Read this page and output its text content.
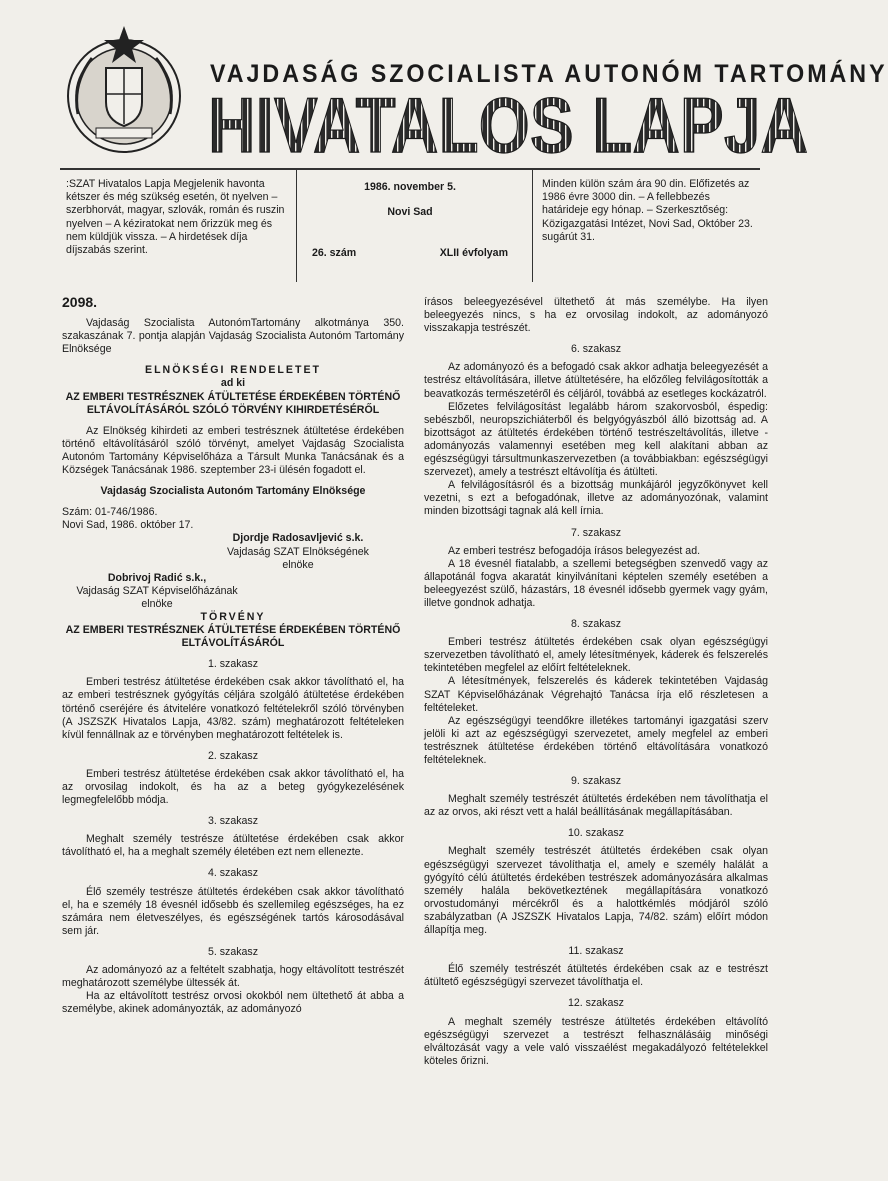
VAJDASÁG SZOCIALISTA AUTONÓM TARTOMÁNY
HIVATALOS LAPJA
:SZAT Hivatalos Lapja Megjelenik havonta kétszer és még szükség esetén, öt nyelven – szerbhorvát, magyar, szlovák, román és ruszin nyelven – A kéziratokat nem őrizzük meg és nem küldjük vissza. – A hirdetések díja díjszabás szerint.
1986. november 5.
Novi Sad
26. szám	XLII évfolyam
Minden külön szám ára 90 din. Előfizetés az 1986 évre 3000 din. – A fellebbezés határideje egy hónap. – Szerkesztőség: Közigazgatási Intézet, Novi Sad, Október 23. sugárút 31.

2098.

Vajdaság Szocialista AutonómTartomány alkotmánya 350. szakaszának 7. pontja alapján Vajdaság Szocialista Autonóm Tartomány Elnöksége

ELNÖKSÉGI RENDELETET

ad ki

AZ EMBERI TESTRÉSZNEK ÁTÜLTETÉSE ÉRDEKÉBEN TÖRTÉNŐ ELTÁVOLÍTÁSÁRÓL SZÓLÓ TÖRVÉNY KIHIRDETÉSÉRŐL

Az Elnökség kihirdeti az emberi testrésznek átültetése érdekében történő eltávolításáról szóló törvényt, amelyet Vajdaság Szocialista Autonóm Tartomány Képviselőháza a Társult Munka Tanácsának és a Községek Tanácsának 1986. szeptember 23-i ülésén fogadott el.

Vajdaság Szocialista Autonóm Tartomány Elnöksége

Szám: 01-746/1986.

Novi Sad, 1986. október 17.

Djordje Radosavljević s.k.

Vajdaság SZAT Elnökségének

elnöke

Dobrivoj Radić s.k.,

Vajdaság SZAT Képviselőházának

elnöke

TÖRVÉNY

AZ EMBERI TESTRÉSZNEK ÁTÜLTETÉSE ÉRDEKÉBEN TÖRTÉNŐ ELTÁVOLÍTÁSÁRÓL

1. szakasz

Emberi testrész átültetése érdekében csak akkor távolítható el, ha az emberi testrésznek gyógyítás céljára szolgáló átültetése érdekében történő cseréjére és átvitelére vonatkozó feltételekről szóló törvényben (A JSZSZK Hivatalos Lapja, 43/82. szám) meghatározott feltételeken kívül fennállnak az e törvényben meghatározott feltételek is.

2. szakasz

Emberi testrész átültetése érdekében csak akkor távolítható el, ha az orvosilag indokolt, és ha az a beteg gyógykezelésének legmegfelelőbb módja.

3. szakasz

Meghalt személy testrésze átültetése érdekében csak akkor távolítható el, ha a meghalt személy életében ezt nem ellenezte.

4. szakasz

Élő személy testrésze átültetés érdekében csak akkor távolítható el, ha e személy 18 évesnél idősebb és szellemileg egészséges, ha ez számára nem életveszélyes, és egészségének tartós károsodásával sem jár.

5. szakasz

Az adományozó az a feltételt szabhatja, hogy eltávolított testrészét meghatározott személybe ültessék át.

Ha az eltávolított testrész orvosi okokból nem ültethető át abba a személybe, akinek adományozták, az adományozó

írásos beleegyezésével ültethető át más személybe. Ha ilyen beleegyezés nincs, s ha ez orvosilag indokolt, az adományozó visszakapja testrészét.

6. szakasz

Az adományozó és a befogadó csak akkor adhatja beleegyezését a testrész eltávolítására, illetve átültetésére, ha előzőleg felvilágosították a beavatkozás természetéről és céljáról, továbbá az esetleges kockázatról.

Előzetes felvilágosítást legalább három szakorvosból, éspedig: sebészből, neuropszichiáterből és belgyógyászból álló bizottság ad. A bizottságot az átültetés érdekében történő testrészeltávolítás, illetve - adományozás valamennyi esetében meg kell alakítani abban az egészségügyi társultmunkaszervezetben (a továbbiakban: egészségügyi szervezet), amely a testrészt eltávolítja és átülteti.

A felvilágosításról és a bizottság munkájáról jegyzőkönyvet kell vezetni, s ezt a befogadónak, illetve az adományozónak, valamint minden bizottsági tagnak alá kell írnia.

7. szakasz

Az emberi testrész befogadója írásos belegyezést ad.

A 18 évesnél fiatalabb, a szellemi betegségben szenvedő vagy az állapotánál fogva akaratát kinyilvánítani képtelen személy esetében a beleegyezést szülő, házastárs, 18 évesnél idősebb gyermek vagy gyám, illetve gondnok adhatja.

8. szakasz

Emberi testrész átültetés érdekében csak olyan egészségügyi szervezetben távolítható el, amely létesítmények, káderek és felszerelés tekintetében megfelel az előírt feltételeknek.

A létesítmények, felszerelés és káderek tekintetében Vajdaság SZAT Képviselőházának Végrehajtó Tanácsa írja elő részletesen a feltételeket.

Az egészségügyi teendőkre illetékes tartományi igazgatási szerv jelöli ki azt az egészségügyi szervezetet, amely megfelel az emberi testrésznek átültetése érdekében történő eltávolítására vonatkozó feltételeknek.

9. szakasz

Meghalt személy testrészét átültetés érdekében nem távolíthatja el az az orvos, aki részt vett a halál beállításának megállapításában.

10. szakasz

Meghalt személy testrészét átültetés érdekében csak olyan egészségügyi szervezet távolíthatja el, amely e személy halálát a gyógyító célú átültetés érdekében testrészek adományozására alkalmas személy halála bekövetkeztének megállapítására vonatkozó orvostudományi mércékről és a halottkémlés módjáról szóló szabályzatban (A JSZSZK Hivatalos Lapja, 74/82. szám) előírt módon állapítja meg.

11. szakasz

Élő személy testrészét átültetés érdekében csak az e testrészt átültető egészségügyi szervezet távolíthatja el.

12. szakasz

A meghalt személy testrésze átültetés érdekében eltávolító egészségügyi szervezet a testrészt felhasználásáig minőségi elváltozását vagy a vele való visszaélést megakadályozó feltételekkel köteles őrizni.
